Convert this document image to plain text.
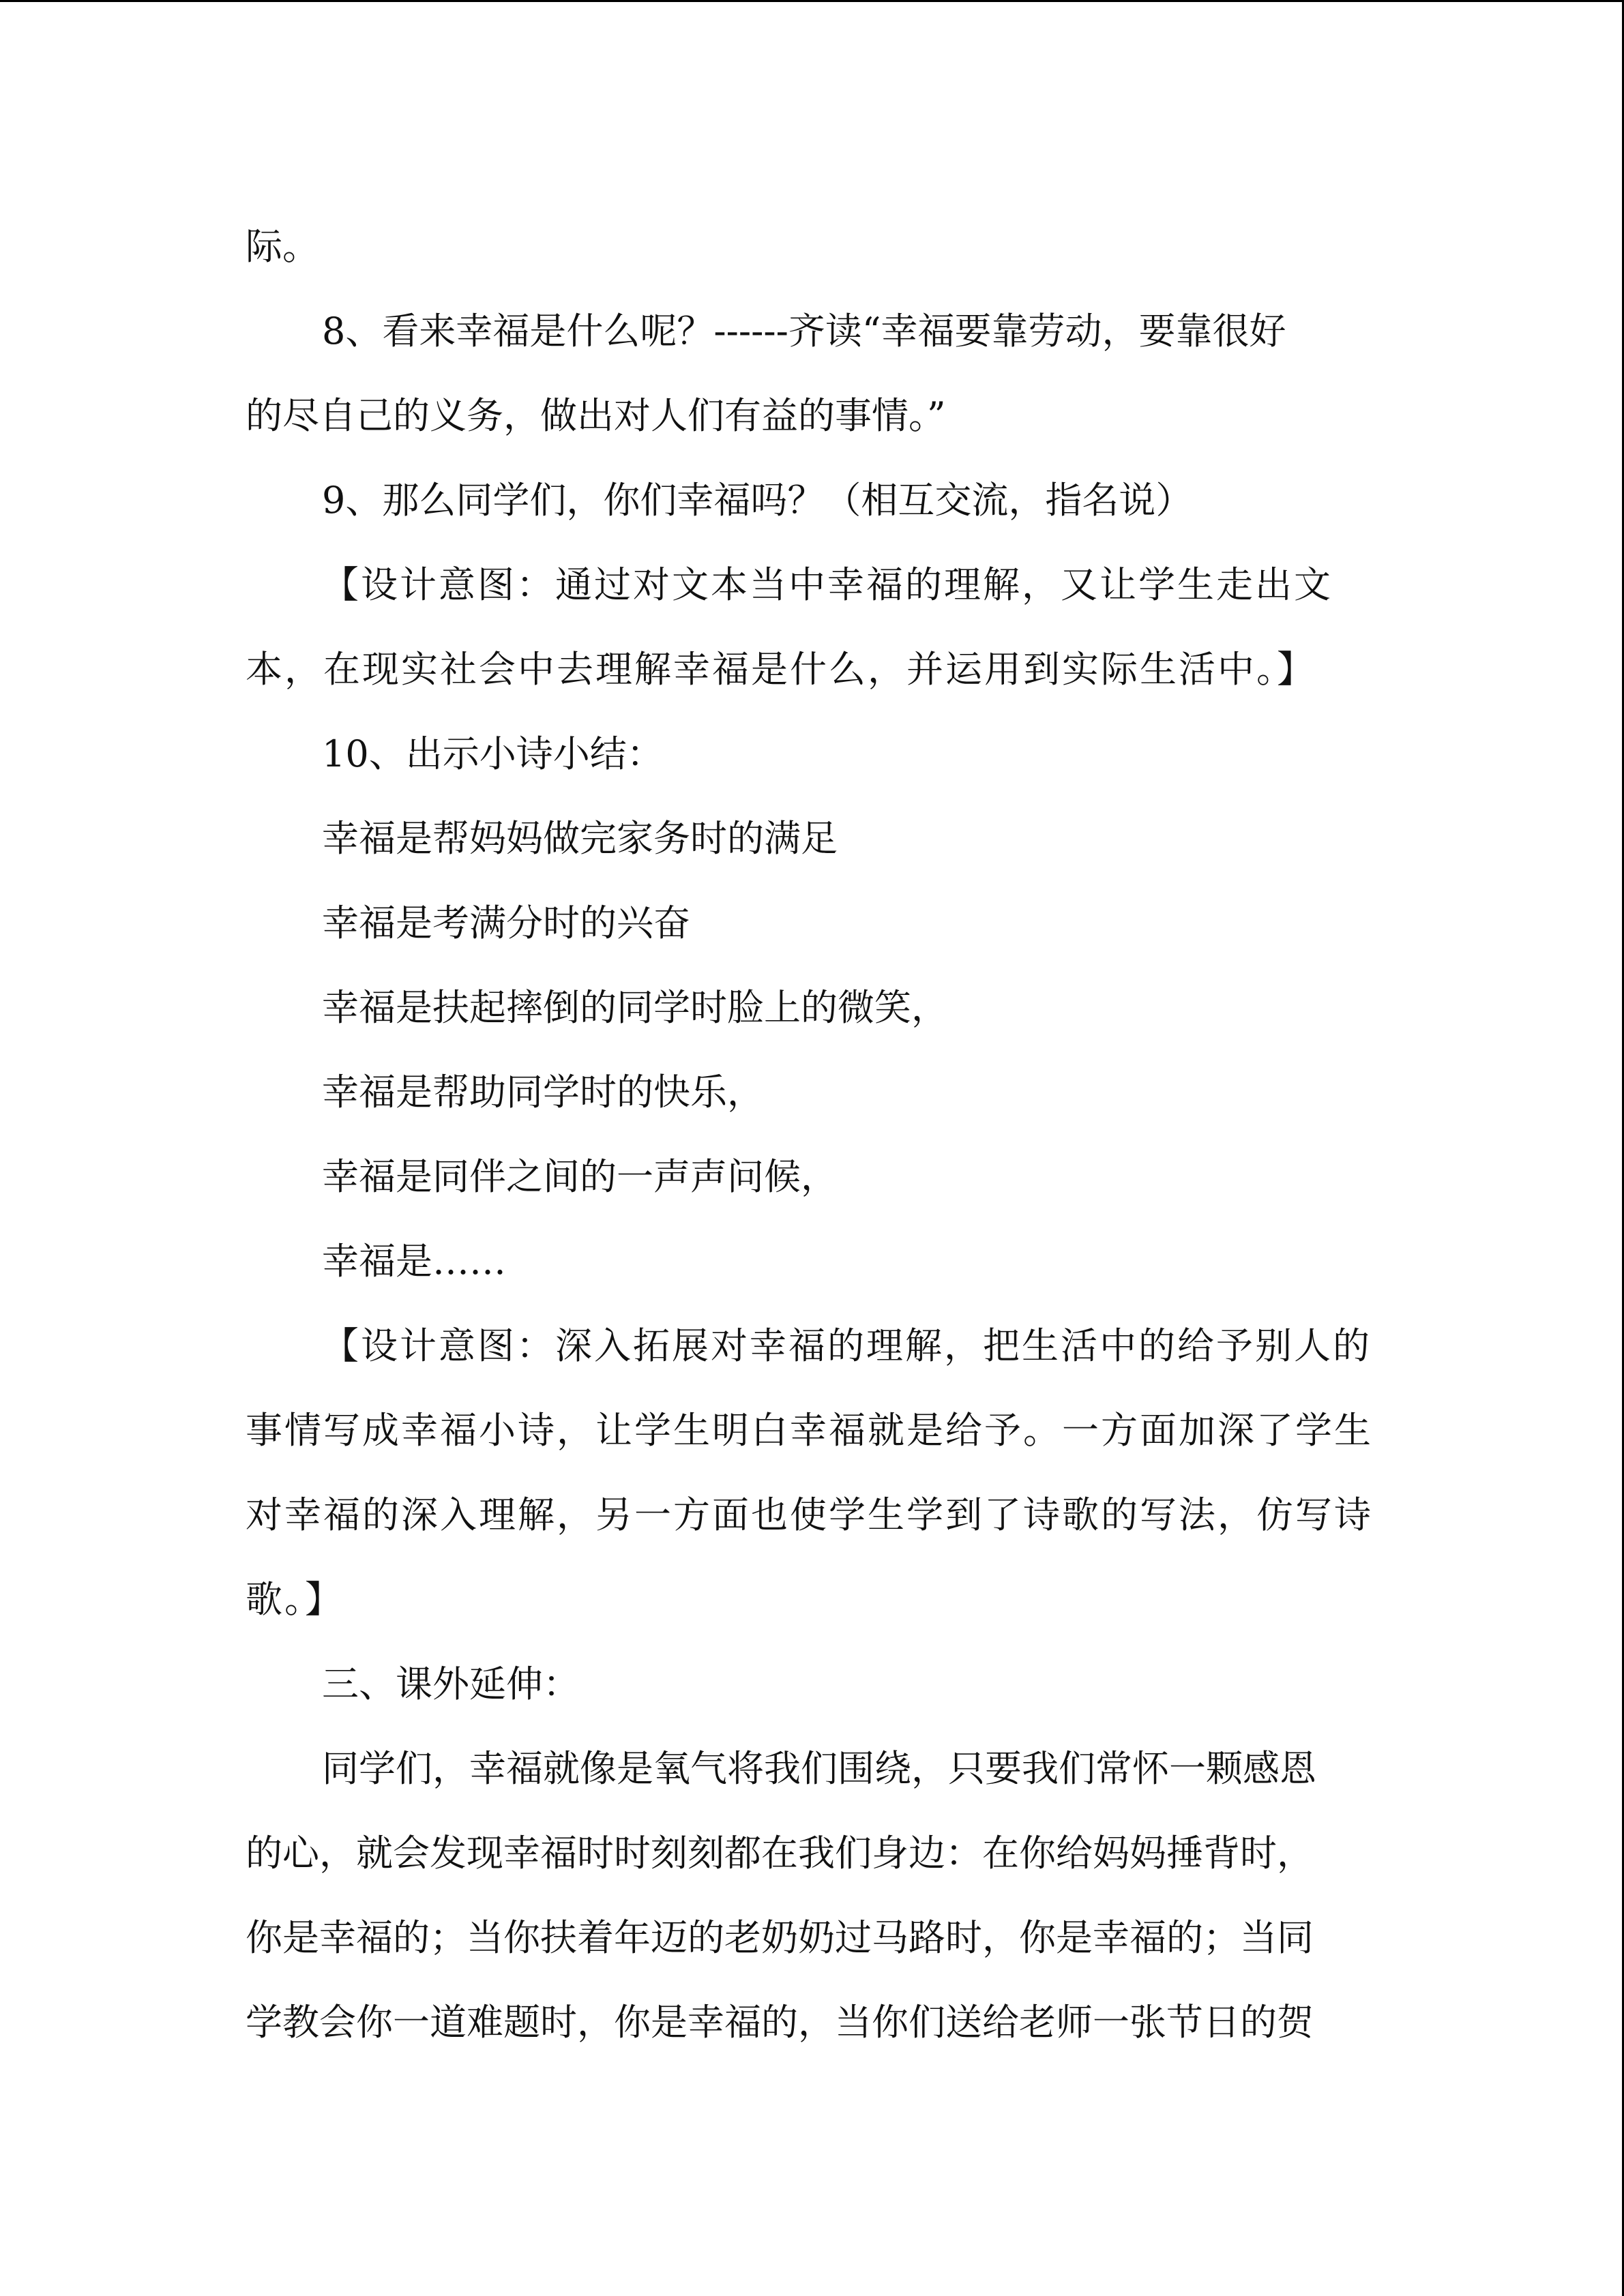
际。
8、看来幸福是什么呢？------齐读“幸福要靠劳动，要靠很好
的尽自己的义务，做出对人们有益的事情。”
9、那么同学们，你们幸福吗？（相互交流，指名说）
【设计意图：通过对文本当中幸福的理解，又让学生走出文
本，在现实社会中去理解幸福是什么，并运用到实际生活中。】
10、出示小诗小结：
幸福是帮妈妈做完家务时的满足
幸福是考满分时的兴奋
幸福是扶起摔倒的同学时脸上的微笑，
幸福是帮助同学时的快乐，
幸福是同伴之间的一声声问候，
幸福是……
【设计意图：深入拓展对幸福的理解，把生活中的给予别人的
事情写成幸福小诗，让学生明白幸福就是给予。一方面加深了学生
对幸福的深入理解，另一方面也使学生学到了诗歌的写法，仿写诗
歌。】
三、课外延伸：
同学们，幸福就像是氧气将我们围绕，只要我们常怀一颗感恩
的心，就会发现幸福时时刻刻都在我们身边：在你给妈妈捶背时，
你是幸福的；当你扶着年迈的老奶奶过马路时，你是幸福的；当同
学教会你一道难题时，你是幸福的，当你们送给老师一张节日的贺
